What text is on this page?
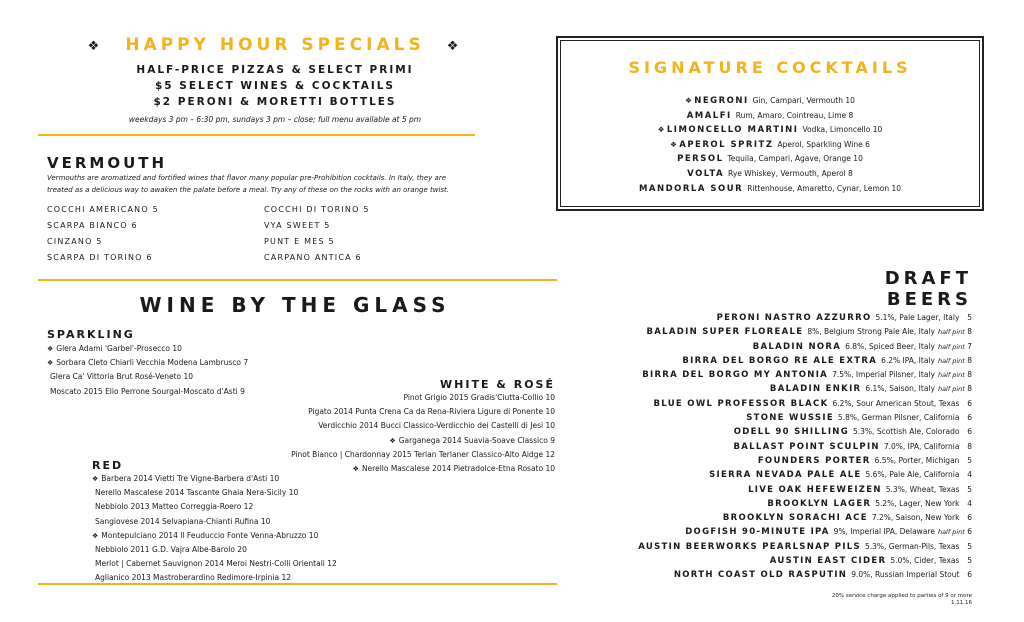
❖ HAPPY HOUR SPECIALS ❖
HALF-PRICE PIZZAS & SELECT PRIMI
$5 SELECT WINES & COCKTAILS
$2 PERONI & MORETTI BOTTLES
weekdays 3 pm – 6:30 pm, sundays 3 pm – close; full menu available at 5 pm
VERMOUTH
Vermouths are aromatized and fortified wines that flavor many popular pre-Prohibition cocktails. In Italy, they are treated as a delicious way to awaken the palate before a meal. Try any of these on the rocks with an orange twist.
COCCHI AMERICANO 5
SCARPA BIANCO 6
CINZANO 5
SCARPA DI TORINO 6
COCCHI DI TORINO 5
VYA SWEET 5
PUNT E MES 5
CARPANO ANTICA 6
SIGNATURE COCKTAILS
❖ NEGRONI Gin, Campari, Vermouth 10
AMALFI Rum, Amaro, Cointreau, Lime 8
❖ LIMONCELLO MARTINI Vodka, Limoncello 10
❖ APEROL SPRITZ Aperol, Sparkling Wine 6
PERSOL Tequila, Campari, Agave, Orange 10
VOLTA Rye Whiskey, Vermouth, Aperol 8
MANDORLA SOUR Rittenhouse, Amaretto, Cynar, Lemon 10
WINE BY THE GLASS
SPARKLING
❖ Glera Adami 'Garbel'-Prosecco 10
❖ Sorbara Cleto Chiarli Vecchia Modena Lambrusco 7
Glera Ca' Vittoria Brut Rosé-Veneto 10
Moscato 2015 Elio Perrone Sourgal-Moscato d'Asti 9
WHITE & ROSÉ
Pinot Grigio 2015 Gradis'Ciutta-Collio 10
Pigato 2014 Punta Crena Ca da Rena-Riviera Ligure di Ponente 10
Verdicchio 2014 Bucci Classico-Verdicchio dei Castelli di Jesi 10
❖ Garganega 2014 Suavia-Soave Classico 9
Pinot Bianco | Chardonnay 2015 Terlan Terlaner Classico-Alto Aidge 12
❖ Nerello Mascalese 2014 Pietradolce-Etna Rosato 10
RED
❖ Barbera 2014 Vietti Tre Vigne-Barbera d'Asti 10
Nerello Mascalese 2014 Tascante Ghaia Nera-Sicily 10
Nebbiolo 2013 Matteo Correggia-Roero 12
Sangiovese 2014 Selvapiana-Chianti Rufina 10
❖ Montepulciano 2014 Il Feuduccio Fonte Venna-Abruzzo 10
Nebbiolo 2011 G.D. Vajra Albe-Barolo 20
Merlot | Cabernet Sauvignon 2014 Meroi Nestri-Colli Orientali 12
Aglianico 2013 Mastroberardino Redimore-Irpinia 12
DRAFT
BEERS
PERONI NASTRO AZZURRO 5.1%, Pale Lager, Italy 5
BALADIN SUPER FLOREALE 8%, Belgium Strong Pale Ale, Italy half pint 8
BALADIN NORA 6.8%, Spiced Beer, Italy half pint 7
BIRRA DEL BORGO RE ALE EXTRA 6.2% IPA, Italy half pint 8
BIRRA DEL BORGO MY ANTONIA 7.5%, Imperial Pilsner, Italy half pint 8
BALADIN ENKIR 6.1%, Saison, Italy half pint 8
BLUE OWL PROFESSOR BLACK 6.2%, Sour American Stout, Texas 6
STONE WUSSIE 5.8%, German Pilsner, California 6
ODELL 90 SHILLING 5.3%, Scottish Ale, Colorado 6
BALLAST POINT SCULPIN 7.0%, IPA, California 8
FOUNDERS PORTER 6.5%, Porter, Michigan 5
SIERRA NEVADA PALE ALE 5.6%, Pale Ale, California 4
LIVE OAK HEFEWEIZEN 5.3%, Wheat, Texas 5
BROOKLYN LAGER 5.2%, Lager, New York 4
BROOKLYN SORACHI ACE 7.2%, Saison, New York 6
DOGFISH 90-MINUTE IPA 9%, Imperial IPA, Delaware half pint 6
AUSTIN BEERWORKS PEARLSNAP PILS 5.3%, German-Pils, Texas 5
AUSTIN EAST CIDER 5.0%, Cider, Texas 5
NORTH COAST OLD RASPUTIN 9.0%, Russian Imperial Stout 6
20% service charge applied to parties of 9 or more
1.11.16
